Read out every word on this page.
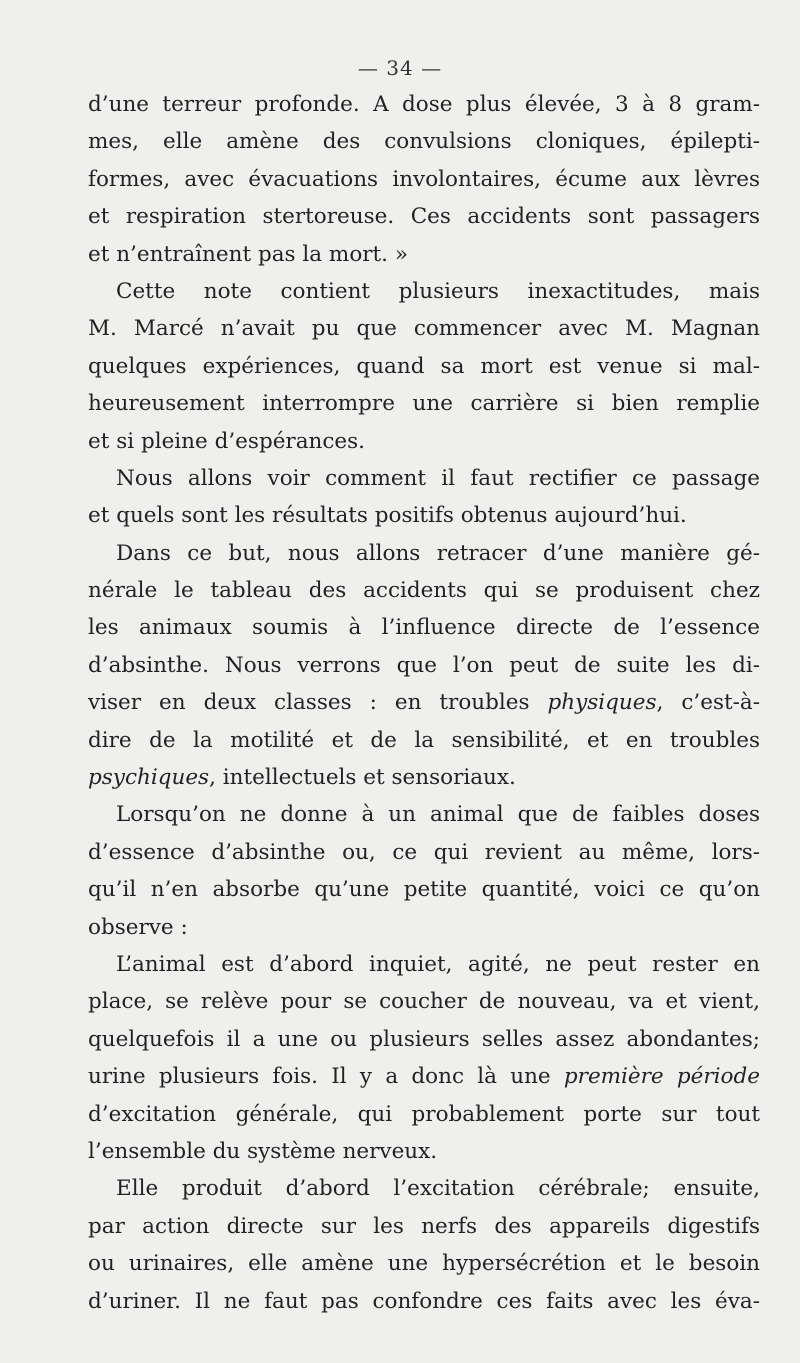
— 34 —
d’une terreur profonde. A dose plus élevée, 3 à 8 gram-
mes, elle amène des convulsions cloniques, épilepti-
formes, avec évacuations involontaires, écume aux lèvres
et respiration stertoreuse. Ces accidents sont passagers
et n’entraînent pas la mort. »
Cette note contient plusieurs inexactitudes, mais
M. Marcé n’avait pu que commencer avec M. Magnan
quelques expériences, quand sa mort est venue si mal-
heureusement interrompre une carrière si bien remplie
et si pleine d’espérances.
Nous allons voir comment il faut rectifier ce passage
et quels sont les résultats positifs obtenus aujourd’hui.
Dans ce but, nous allons retracer d’une manière gé-
nérale le tableau des accidents qui se produisent chez
les animaux soumis à l’influence directe de l’essence
d’absinthe. Nous verrons que l’on peut de suite les di-
viser en deux classes : en troubles physiques, c’est-à-
dire de la motilité et de la sensibilité, et en troubles
psychiques, intellectuels et sensoriaux.
Lorsqu’on ne donne à un animal que de faibles doses
d’essence d’absinthe ou, ce qui revient au même, lors-
qu’il n’en absorbe qu’une petite quantité, voici ce qu’on
observe :
L’animal est d’abord inquiet, agité, ne peut rester en
place, se relève pour se coucher de nouveau, va et vient,
quelquefois il a une ou plusieurs selles assez abondantes;
urine plusieurs fois. Il y a donc là une première période
d’excitation générale, qui probablement porte sur tout
l’ensemble du système nerveux.
Elle produit d’abord l’excitation cérébrale; ensuite,
par action directe sur les nerfs des appareils digestifs
ou urinaires, elle amène une hypersécrétion et le besoin
d’uriner. Il ne faut pas confondre ces faits avec les éva-
